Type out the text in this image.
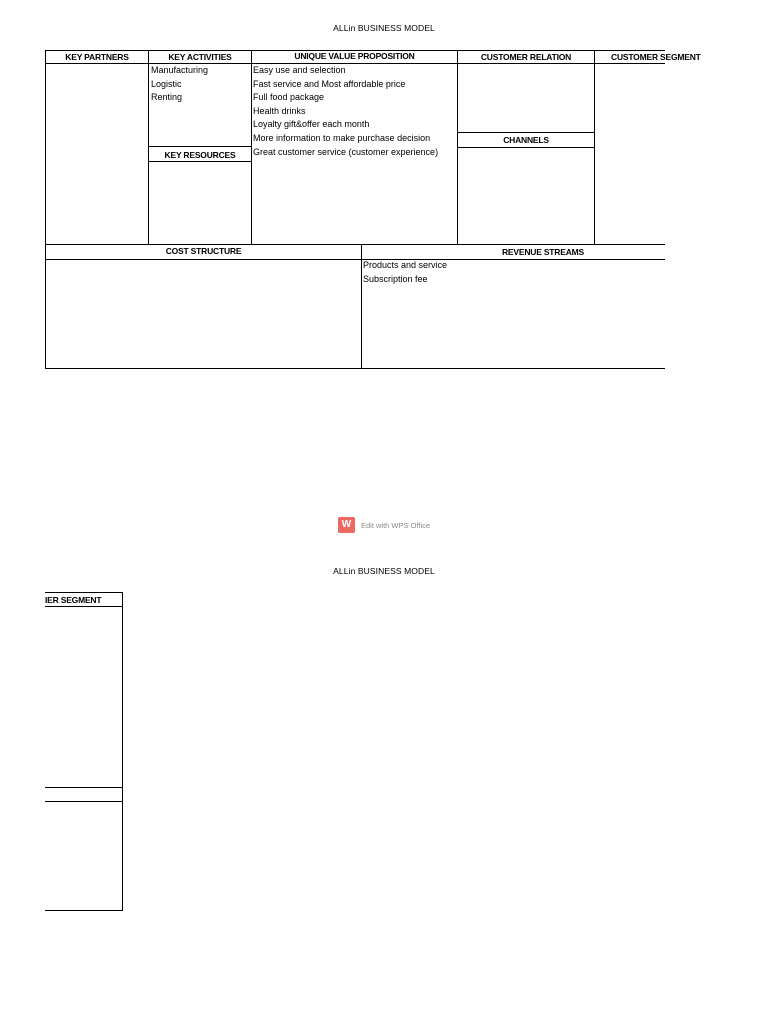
ALLin BUSINESS MODEL
KEY PARTNERS	KEY ACTIVITIES	UNIQUE VALUE PROPOSITION	CUSTOMER RELATION	CUSTOMER SEGMENT
KEY RESOURCES
CHANNELS
COST STRUCTURE	REVENUE STREAMS
Manufacturing
Logistic
Renting
Easy use and selection
Fast service and Most affordable price
Full food package
Health drinks
Loyalty gift&offer each month
More information to make purchase decision
Great customer service (customer experience)
Products and service
Subscription fee
W	Edit with WPS Office
ALLin BUSINESS MODEL
IER SEGMENT
